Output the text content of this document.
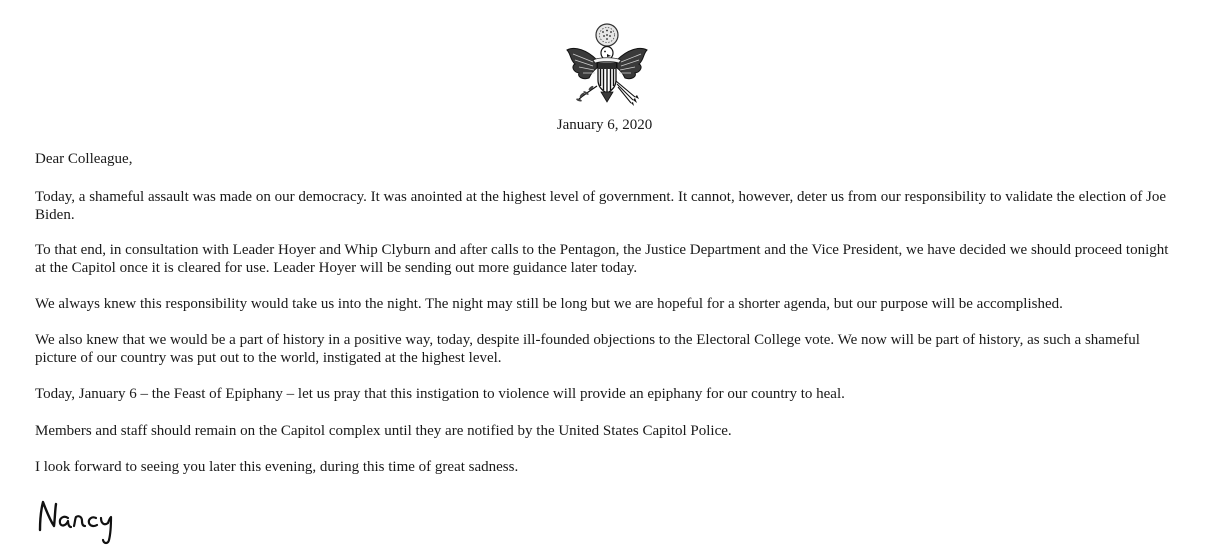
January 6, 2020

Dear Colleague,

Today, a shameful assault was made on our democracy. It was anointed at the highest level of government. It cannot, however, deter us from our responsibility to validate the election of Joe Biden.

To that end, in consultation with Leader Hoyer and Whip Clyburn and after calls to the Pentagon, the Justice Department and the Vice President, we have decided we should proceed tonight at the Capitol once it is cleared for use. Leader Hoyer will be sending out more guidance later today.

We always knew this responsibility would take us into the night. The night may still be long but we are hopeful for a shorter agenda, but our purpose will be accomplished.

We also knew that we would be a part of history in a positive way, today, despite ill-founded objections to the Electoral College vote. We now will be part of history, as such a shameful picture of our country was put out to the world, instigated at the highest level.

Today, January 6 – the Feast of Epiphany – let us pray that this instigation to violence will provide an epiphany for our country to heal.

Members and staff should remain on the Capitol complex until they are notified by the United States Capitol Police.

I look forward to seeing you later this evening, during this time of great sadness.
